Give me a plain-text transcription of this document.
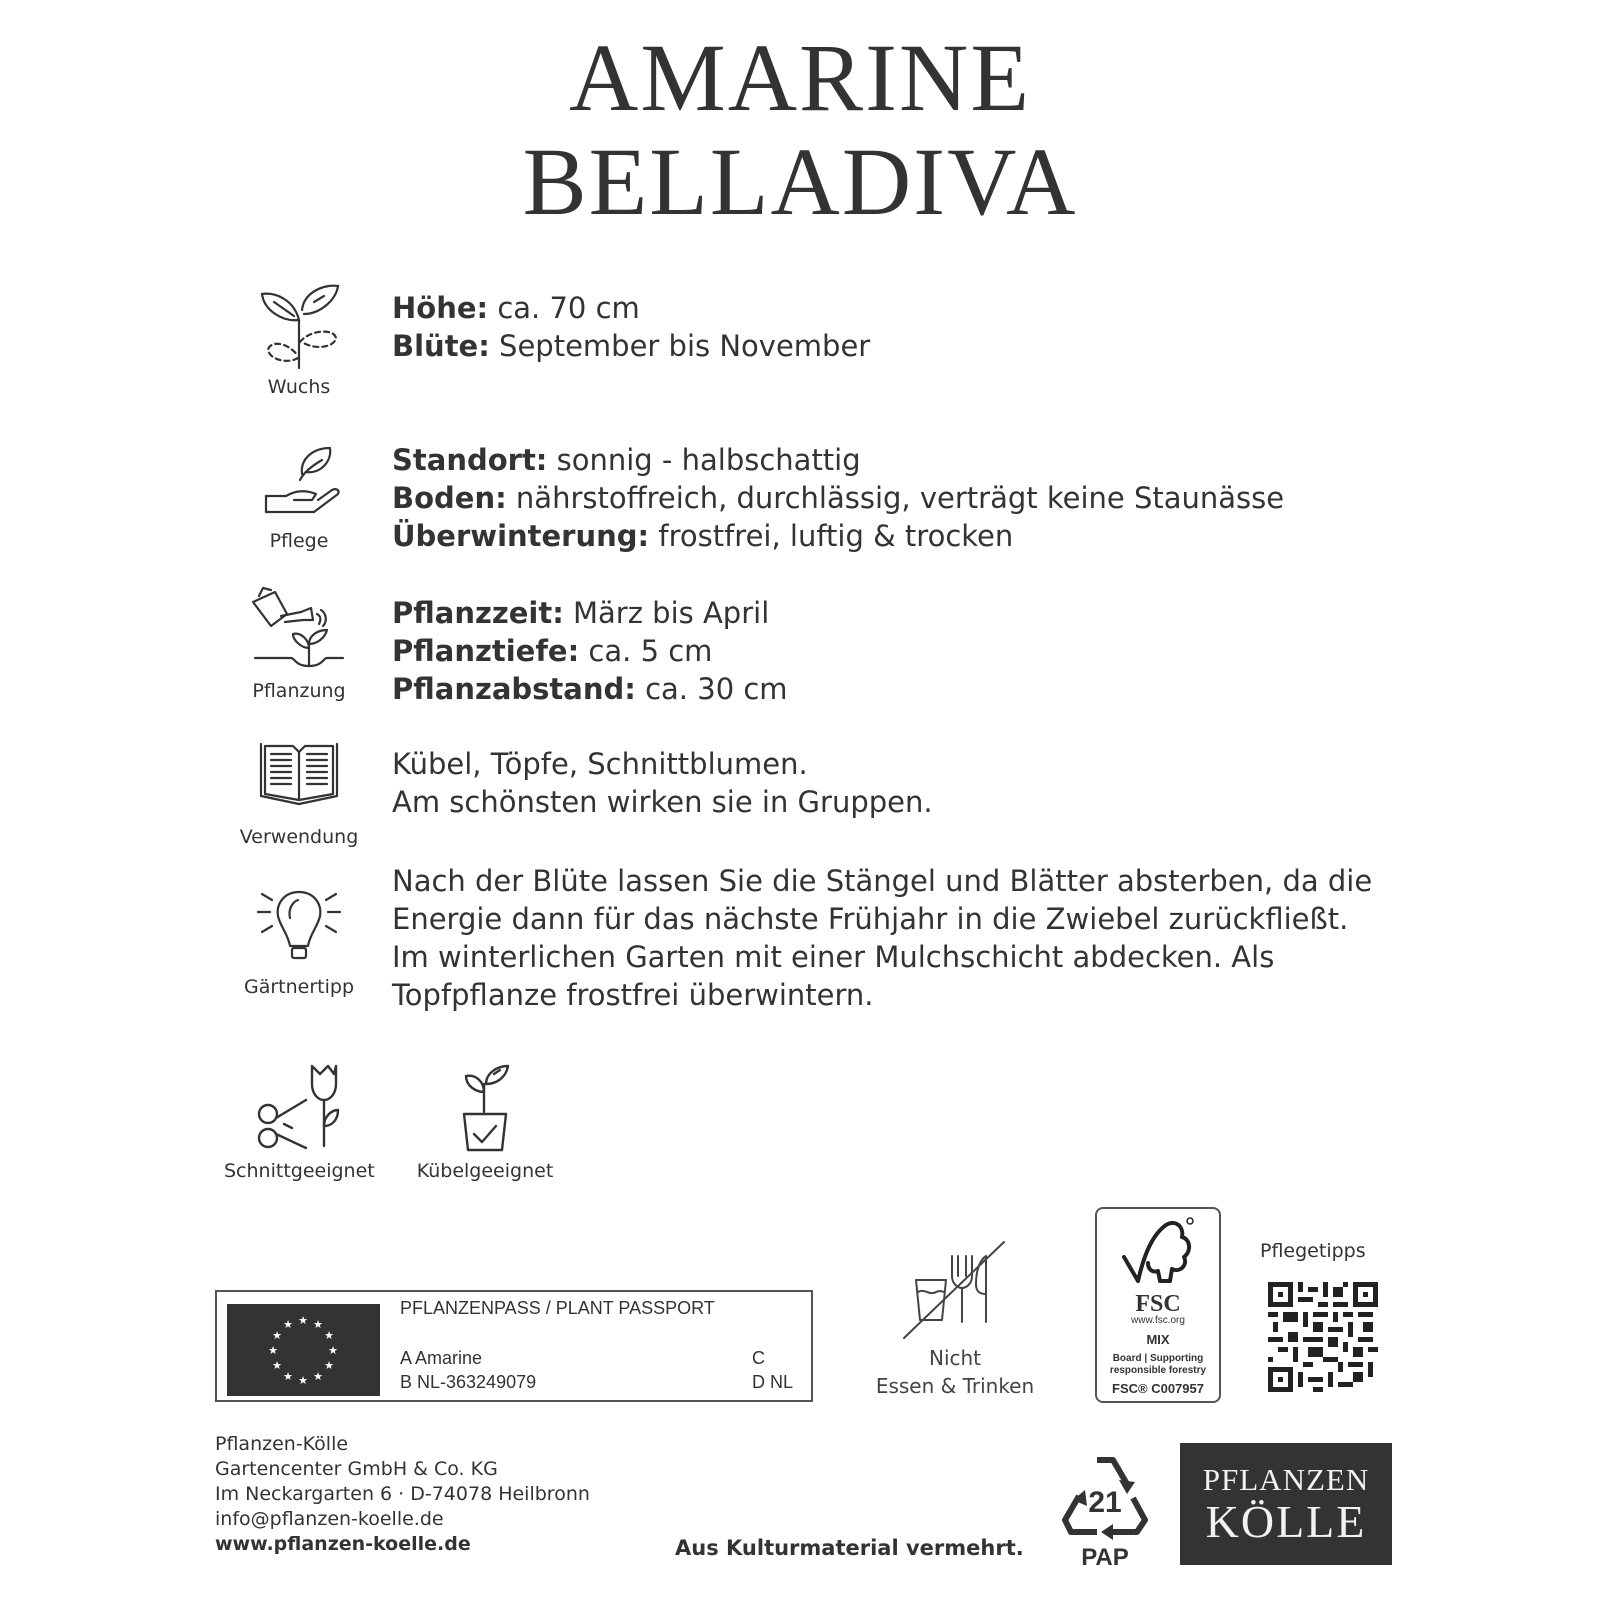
AMARINE
BELLADIVA
Wuchs
Höhe: ca. 70 cm
Blüte: September bis November
Pflege
Standort: sonnig - halbschattig
Boden: nährstoffreich, durchlässig, verträgt keine Staunässe
Überwinterung: frostfrei, luftig & trocken
Pflanzung
Pflanzzeit: März bis April
Pflanztiefe: ca. 5 cm
Pflanzabstand: ca. 30 cm
Verwendung
Kübel, Töpfe, Schnittblumen.
Am schönsten wirken sie in Gruppen.
Gärtnertipp
Nach der Blüte lassen Sie die Stängel und Blätter absterben, da die
Energie dann für das nächste Frühjahr in die Zwiebel zurückfließt.
Im winterlichen Garten mit einer Mulchschicht abdecken. Als
Topfpflanze frostfrei überwintern.
Schnittgeeignet	Kübelgeeignet
★ ★
★
★
★
★
★
★
★
★
★
★
PFLANZENPASS / PLANT PASSPORT
A Amarine
B NL-363249079
C
D NL
Nicht
Essen & Trinken
FSC
www.fsc.org
MIX
Board | Supporting
responsible forestry
FSC® C007957
Pflegetipps
Pflanzen-Kölle
Gartencenter GmbH & Co. KG
Im Neckargarten 6 · D-74078 Heilbronn
info@pflanzen-koelle.de
www.pflanzen-koelle.de	Aus Kulturmaterial vermehrt.
21
PAP
PFLANZEN
KÖLLE
